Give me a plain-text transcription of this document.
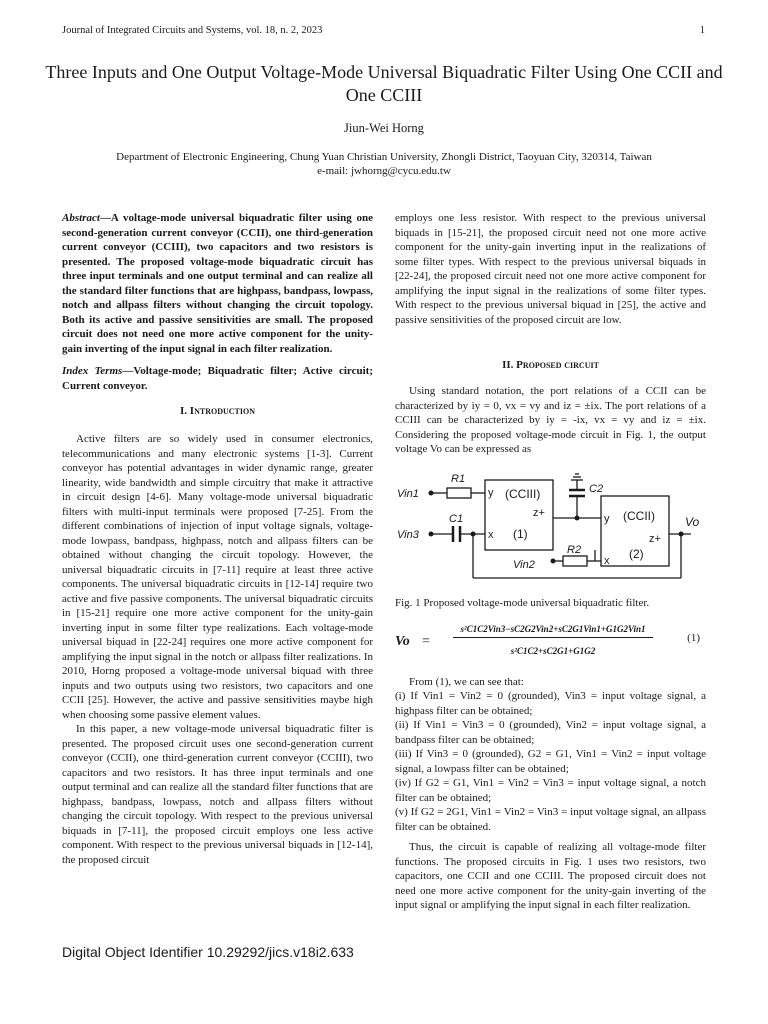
Journal of Integrated Circuits and Systems, vol. 18, n. 2, 2023	1
Three Inputs and One Output Voltage-Mode Universal Biquadratic Filter Using One CCII and One CCIII
Jiun-Wei Horng
Department of Electronic Engineering, Chung Yuan Christian University, Zhongli District, Taoyuan City, 320314, Taiwan
e-mail: jwhorng@cycu.edu.tw
Abstract—A voltage-mode universal biquadratic filter using one second-generation current conveyor (CCII), one third-generation current conveyor (CCIII), two capacitors and two resistors is presented. The proposed voltage-mode biquadratic circuit has three input terminals and one output terminal and can realize all the standard filter functions that are highpass, bandpass, lowpass, notch and allpass filters without changing the circuit topology. Both its active and passive sensitivities are small. The proposed circuit does not need one more active component for the unity-gain inverting of the input signal in each filter realization.
Index Terms—Voltage-mode; Biquadratic filter; Active circuit; Current conveyor.
I. Introduction

Active filters are so widely used in consumer electronics, telecommunications and many electronic systems [1-3]. Current conveyor has potential advantages in wider dynamic range, greater linearity, wide bandwidth and simple circuitry that make it attractive in circuit design [4-6]. Many voltage-mode universal biquadratic filters with multi-input terminals were proposed [7-25]. From the different combinations of injection of input voltage signals, voltage-mode lowpass, bandpass, highpass, notch and allpass filters can be obtained without changing the circuit topology. However, the universal biquadratic circuits in [7-11] require at least three active components. The universal biquadratic circuits in [12-14] require two active and five passive components. The universal biquadratic circuits in [15-21] require one more active component for the unity-gain inverting input in some filter type realizations. Each voltage-mode universal biquad in [22-24] requires one more active component for amplifying the input signal in the notch or allpass filter realizations. In 2010, Horng proposed a voltage-mode universal biquad with three inputs and two outputs using two resistors, two capacitors and one CCII [25]. However, the active and passive sensitivities maybe high when choosing some passive element values.

In this paper, a new voltage-mode universal biquadratic filter is presented. The proposed circuit uses one second-generation current conveyor (CCII), one third-generation current conveyor (CCIII), two capacitors and two resistors. It has three input terminals and one output terminal and can realize all the standard filter functions that are highpass, bandpass, lowpass, notch and allpass filters without changing the circuit topology. With respect to the previous universal biquads in [7-11], the proposed circuit employs one less active component. With respect to the previous universal biquads in [12-14], the proposed circuit

employs one less resistor. With respect to the previous universal biquads in [15-21], the proposed circuit need not one more active component for the unity-gain inverting input in the realizations of some filter types. With respect to the previous universal biquads in [22-24], the proposed circuit need not one more active component for amplifying the input signal in the realizations of some filter types. With respect to the previous universal biquad in [25], the active and passive sensitivities of the proposed circuit are low.

II. Proposed circuit

Using standard notation, the port relations of a CCII can be characterized by iy = 0, vx = vy and iz = ±ix. The port relations of a CCIII can be characterized by iy = -ix, vx = vy and iz = ±ix. Considering the proposed voltage-mode circuit in Fig. 1, the output voltage Vo can be expressed as

Vin1
Vin3
Vin2
Vo
R1
R2
C1
C2
(CCIII)
(CCII)
(1)
(2)
y
x
z+	y
x
z+
Fig. 1 Proposed voltage-mode universal biquadratic filter.
Vo =
s²C1C2Vin3−sC2G2Vin2+sC2G1Vin1+G1G2Vin1
s²C1C2+sC2G1+G1G2
(1)

From (1), we can see that:

(i) If Vin1 = Vin2 = 0 (grounded), Vin3 = input voltage signal, a highpass filter can be obtained;
(ii) If Vin1 = Vin3 = 0 (grounded), Vin2 = input voltage signal, a bandpass filter can be obtained;
(iii) If Vin3 = 0 (grounded), G2 = G1, Vin1 = Vin2 = input voltage signal, a lowpass filter can be obtained;
(iv) If G2 = G1, Vin1 = Vin2 = Vin3 = input voltage signal, a notch filter can be obtained;
(v) If G2 = 2G1, Vin1 = Vin2 = Vin3 = input voltage signal, an allpass filter can be obtained.

Thus, the circuit is capable of realizing all voltage-mode filter functions. The proposed circuits in Fig. 1 uses two resistors, two capacitors, one CCII and one CCIII. The proposed circuit does not need one more active component for the unity-gain inverting of the input signal or amplifying the input signal in each filter realization.

Digital Object Identifier 10.29292/jics.v18i2.633
